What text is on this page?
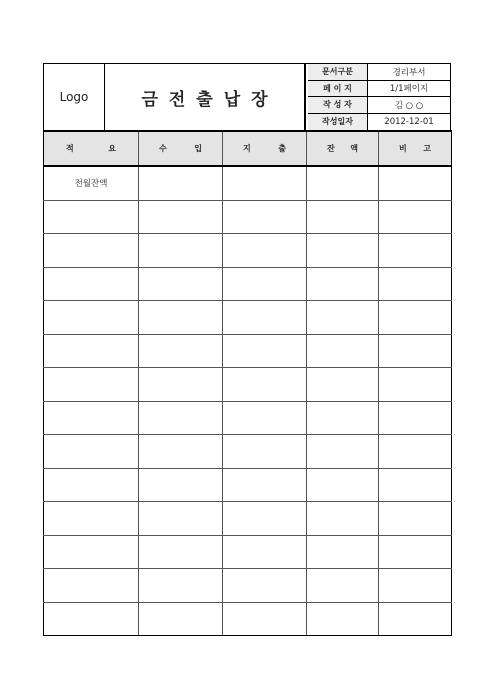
Logo	금전출납장
문서구분	경리부서
페 이 지	1/1페이지
작 성 자	김 ○ ○
작성일자	2012-12-01
적 요	수 입	지 출	잔 액	비 고

전월잔액				
